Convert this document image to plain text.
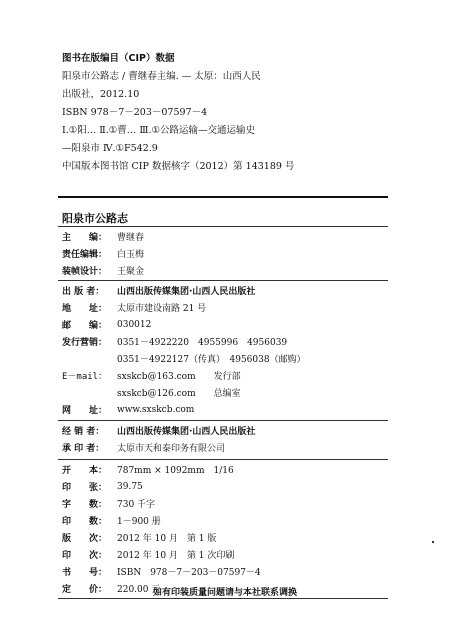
图书在版编目（CIP）数据
阳泉市公路志 / 曹继春主编. — 太原：山西人民
出版社，2012.10
ISBN 978－7－203－07597－4
Ⅰ.①阳… Ⅱ.①曹… Ⅲ.①公路运输—交通运输史
—阳泉市 Ⅳ.①F542.9
中国版本图书馆 CIP 数据核字（2012）第 143189 号
阳泉市公路志
主　　编：	曹继春
责任编辑：	白玉梅
装帧设计：	王聚金
出 版 者：	山西出版传媒集团·山西人民出版社
地　　址：	太原市建设南路 21 号
邮　　编：	030012
发行营销：	0351－4922220　4955996　4956039
0351－4922127（传真）　4956038（邮购）
E－mail：	sxskcb@163.com　　发行部
sxskcb@126.com　　总编室
网　　址：	www.sxskcb.com
经 销 者：	山西出版传媒集团·山西人民出版社
承 印 者：	太原市天和泰印务有限公司
开　　本：	787mm × 1092mm　1/16
印　　张：	39.75
字　　数：	730 千字
印　　数：	1－900 册
版　　次：	2012 年 10 月　第 1 版
印　　次：	2012 年 10 月　第 1 次印刷
书　　号：	ISBN　978－7－203－07597－4
定　　价：	220.00 元
如有印装质量问题请与本社联系调换
